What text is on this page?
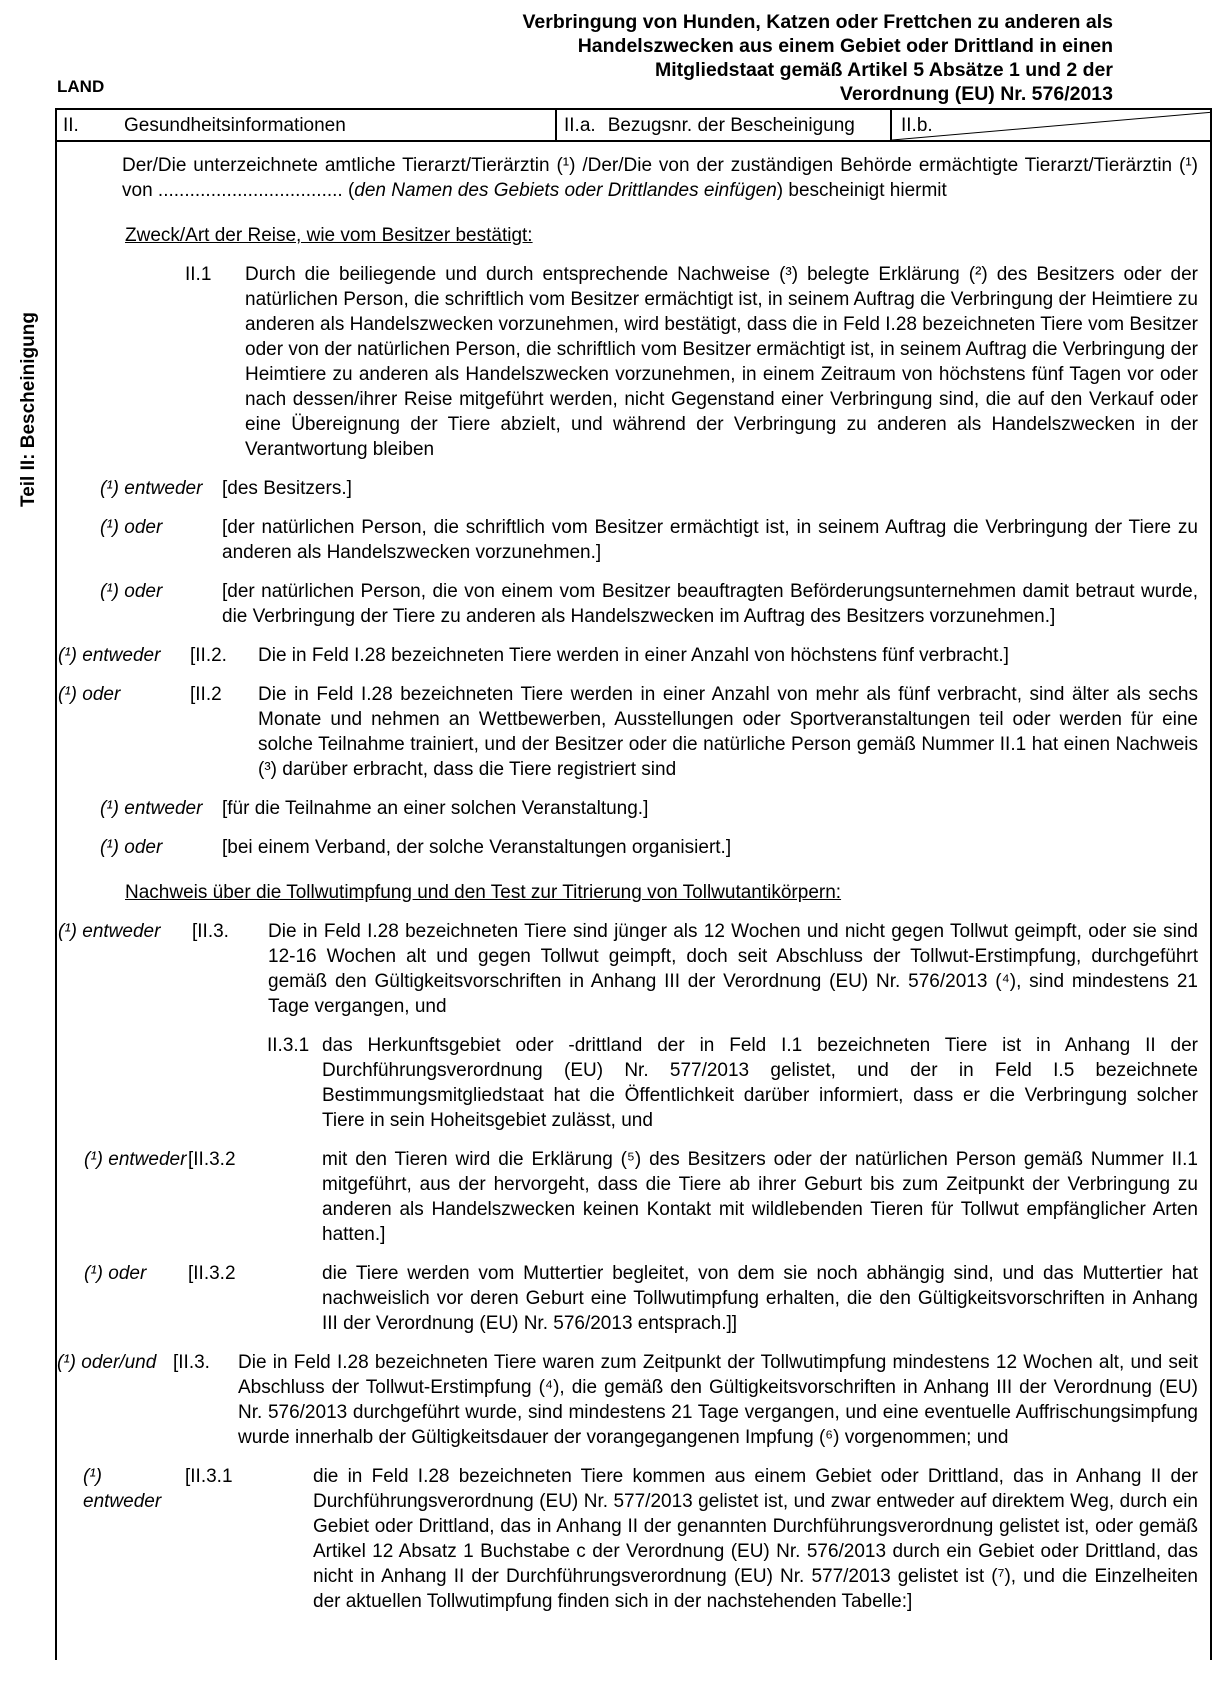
Verbringung von Hunden, Katzen oder Frettchen zu anderen als
Handelszwecken aus einem Gebiet oder Drittland in einen
Mitgliedstaat gemäß Artikel 5 Absätze 1 und 2 der
Verordnung (EU) Nr. 576/2013
LAND
Teil II: Bescheinigung
II. Gesundheitsinformationen	II.a. Bezugsnr. der Bescheinigung	II.b.
Der/Die unterzeichnete amtliche Tierarzt/Tierärztin (¹) /Der/Die von der zuständigen Behörde ermächtigte Tierarzt/Tierärztin (¹) von ................................... (den Namen des Gebiets oder Drittlandes einfügen) bescheinigt hiermit
Zweck/Art der Reise, wie vom Besitzer bestätigt:
II.1	Durch die beiliegende und durch entsprechende Nachweise (³) belegte Erklärung (²) des Besitzers oder der natürlichen Person, die schriftlich vom Besitzer ermächtigt ist, in seinem Auftrag die Verbringung der Heimtiere zu anderen als Handelszwecken vorzunehmen, wird bestätigt, dass die in Feld I.28 bezeichneten Tiere vom Besitzer oder von der natürlichen Person, die schriftlich vom Besitzer ermächtigt ist, in seinem Auftrag die Verbringung der Heimtiere zu anderen als Handelszwecken vorzunehmen, in einem Zeitraum von höchstens fünf Tagen vor oder nach dessen/ihrer Reise mitgeführt werden, nicht Gegenstand einer Verbringung sind, die auf den Verkauf oder eine Übereignung der Tiere abzielt, und während der Verbringung zu anderen als Handelszwecken in der Verantwortung bleiben
(¹) entweder	[des Besitzers.]
(¹) oder	[der natürlichen Person, die schriftlich vom Besitzer ermächtigt ist, in seinem Auftrag die Verbringung der Tiere zu anderen als Handelszwecken vorzunehmen.]
(¹) oder	[der natürlichen Person, die von einem vom Besitzer beauftragten Beförderungsunternehmen damit betraut wurde, die Verbringung der Tiere zu anderen als Handelszwecken im Auftrag des Besitzers vorzunehmen.]
(¹) entweder	[II.2.	Die in Feld I.28 bezeichneten Tiere werden in einer Anzahl von höchstens fünf verbracht.]
(¹) oder	[II.2	Die in Feld I.28 bezeichneten Tiere werden in einer Anzahl von mehr als fünf verbracht, sind älter als sechs Monate und nehmen an Wettbewerben, Ausstellungen oder Sportveranstaltungen teil oder werden für eine solche Teilnahme trainiert, und der Besitzer oder die natürliche Person gemäß Nummer II.1 hat einen Nachweis (³) darüber erbracht, dass die Tiere registriert sind
(¹) entweder	[für die Teilnahme an einer solchen Veranstaltung.]
(¹) oder	[bei einem Verband, der solche Veranstaltungen organisiert.]
Nachweis über die Tollwutimpfung und den Test zur Titrierung von Tollwutantikörpern:
(¹) entweder	[II.3.	Die in Feld I.28 bezeichneten Tiere sind jünger als 12 Wochen und nicht gegen Tollwut geimpft, oder sie sind 12-16 Wochen alt und gegen Tollwut geimpft, doch seit Abschluss der Tollwut-Erstimpfung, durchgeführt gemäß den Gültigkeitsvorschriften in Anhang III der Verordnung (EU) Nr. 576/2013 (⁴), sind mindestens 21 Tage vergangen, und
II.3.1 das Herkunftsgebiet oder -drittland der in Feld I.1 bezeichneten Tiere ist in Anhang II der Durchführungsverordnung (EU) Nr. 577/2013 gelistet, und der in Feld I.5 bezeichnete Bestimmungsmitgliedstaat hat die Öffentlichkeit darüber informiert, dass er die Verbringung solcher Tiere in sein Hoheitsgebiet zulässt, und
(¹) entweder [II.3.2	mit den Tieren wird die Erklärung (⁵) des Besitzers oder der natürlichen Person gemäß Nummer II.1 mitgeführt, aus der hervorgeht, dass die Tiere ab ihrer Geburt bis zum Zeitpunkt der Verbringung zu anderen als Handelszwecken keinen Kontakt mit wildlebenden Tieren für Tollwut empfänglicher Arten hatten.]
(¹) oder	[II.3.2	die Tiere werden vom Muttertier begleitet, von dem sie noch abhängig sind, und das Muttertier hat nachweislich vor deren Geburt eine Tollwutimpfung erhalten, die den Gültigkeitsvorschriften in Anhang III der Verordnung (EU) Nr. 576/2013 entsprach.]]
(¹) oder/und [II.3.	Die in Feld I.28 bezeichneten Tiere waren zum Zeitpunkt der Tollwutimpfung mindestens 12 Wochen alt, und seit Abschluss der Tollwut-Erstimpfung (⁴), die gemäß den Gültigkeitsvorschriften in Anhang III der Verordnung (EU) Nr. 576/2013 durchgeführt wurde, sind mindestens 21 Tage vergangen, und eine eventuelle Auffrischungsimpfung wurde innerhalb der Gültigkeitsdauer der vorangegangenen Impfung (⁶) vorgenommen; und
(¹) entweder
[II.3.1	die in Feld I.28 bezeichneten Tiere kommen aus einem Gebiet oder Drittland, das in Anhang II der Durchführungsverordnung (EU) Nr. 577/2013 gelistet ist, und zwar entweder auf direktem Weg, durch ein Gebiet oder Drittland, das in Anhang II der genannten Durchführungsverordnung gelistet ist, oder gemäß Artikel 12 Absatz 1 Buchstabe c der Verordnung (EU) Nr. 576/2013 durch ein Gebiet oder Drittland, das nicht in Anhang II der Durchführungsverordnung (EU) Nr. 577/2013 gelistet ist (⁷), und die Einzelheiten der aktuellen Tollwutimpfung finden sich in der nachstehenden Tabelle:]
